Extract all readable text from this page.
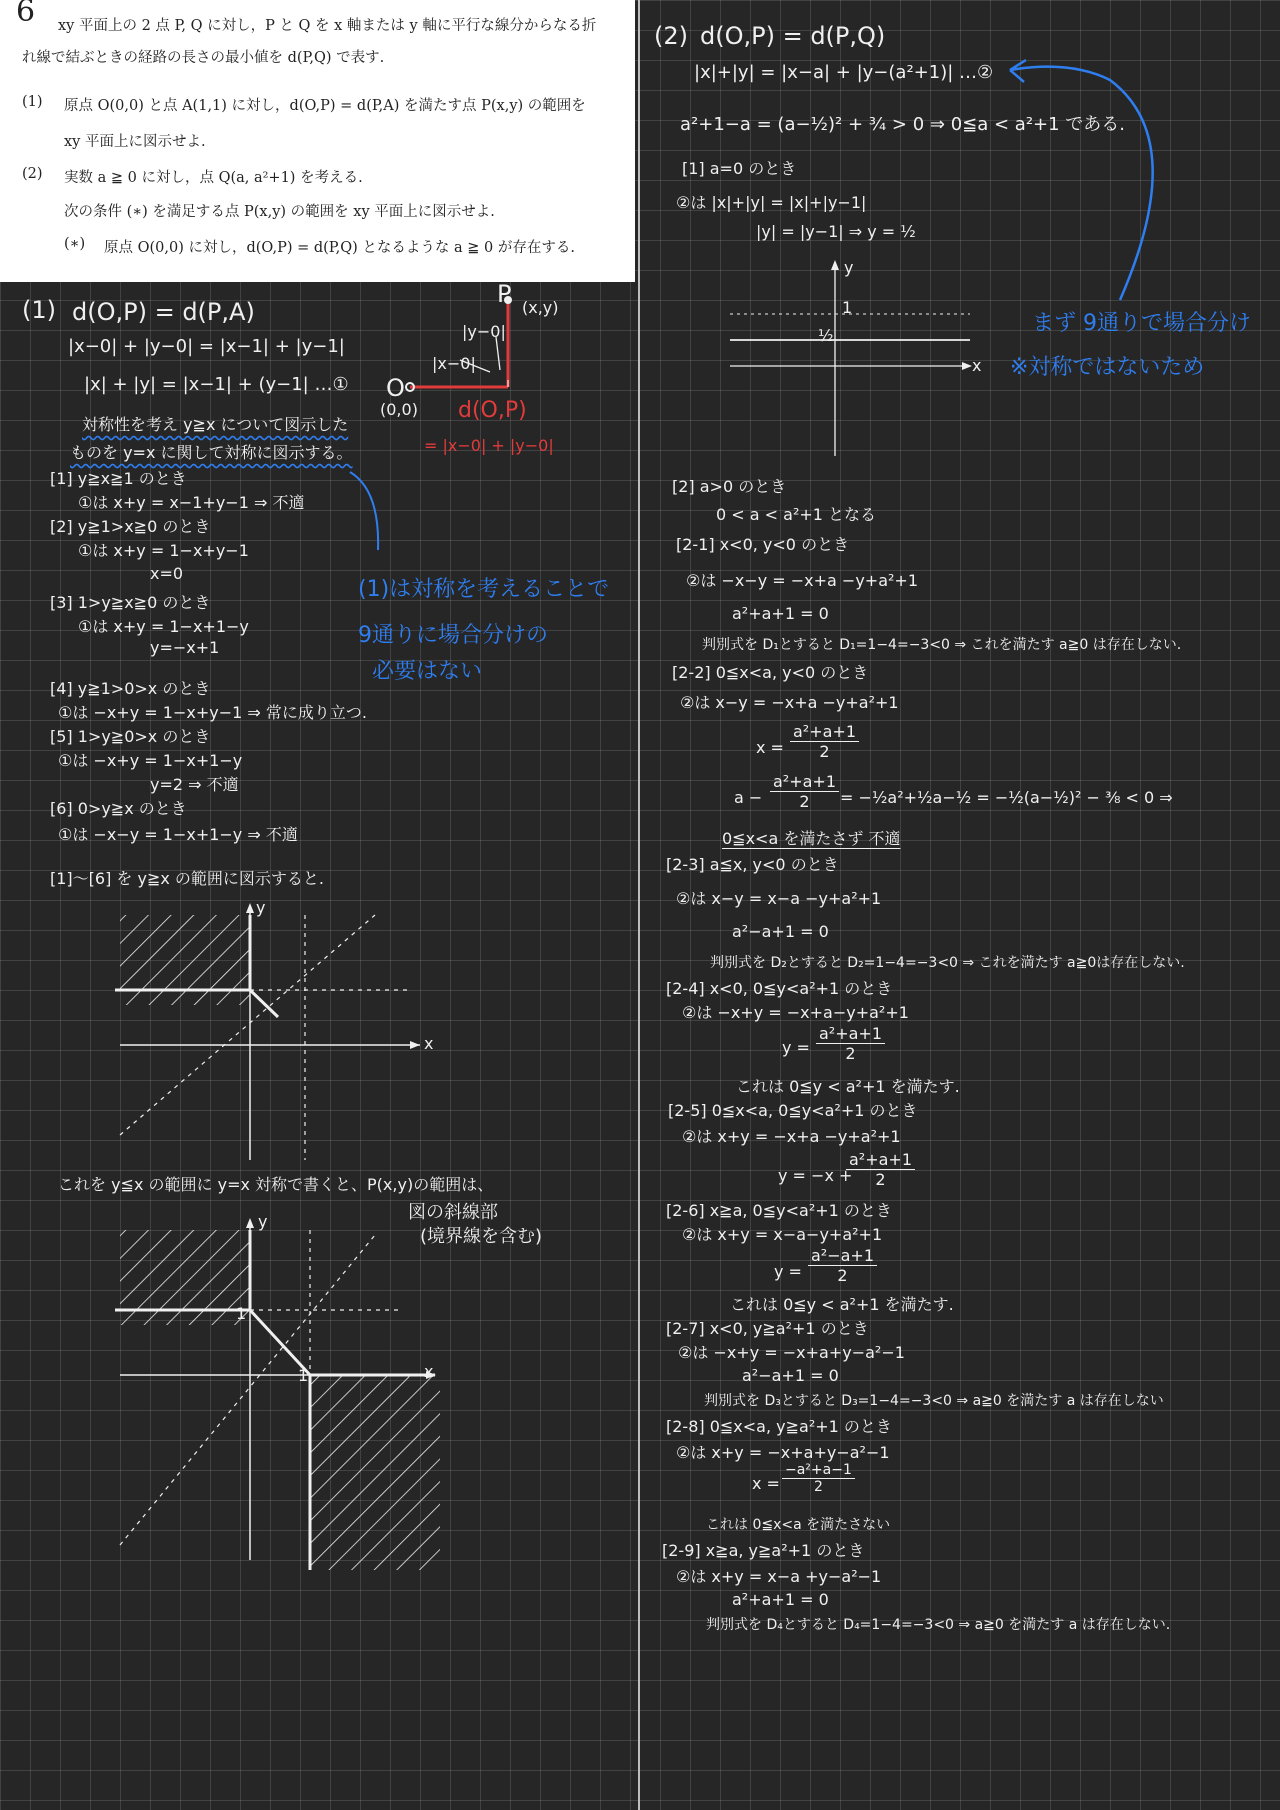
6 xy 平面上の 2 点 P, Q に対し，P と Q を x 軸または y 軸に平行な線分からなる折
れ線で結ぶときの経路の長さの最小値を d(P,Q) で表す.
(1) 原点 O(0,0) と点 A(1,1) に対し，d(O,P) = d(P,A) を満たす点 P(x,y) の範囲を
xy 平面上に図示せよ.
(2) 実数 a ≧ 0 に対し，点 Q(a, a²+1) を考える.
次の条件 (∗) を満足する点 P(x,y) の範囲を xy 平面上に図示せよ.
(∗) 原点 O(0,0) に対し，d(O,P) = d(P,Q) となるような a ≧ 0 が存在する.
(1) d(O,P) = d(P,A)
|x−0| + |y−0| = |x−1| + |y−1|
|x| + |y| = |x−1| + (y−1| …①
対称性を考え y≧x について図示した
ものを y=x に関して対称に図示する。
P (x,y)
|y−0|
|x−0|
O
(0,0) d(O,P)
= |x−0| + |y−0|
[1] y≧x≧1 のとき
①は x+y = x−1+y−1 ⇒ 不適
[2] y≧1>x≧0 のとき
①は x+y = 1−x+y−1
x=0
[3] 1>y≧x≧0 のとき
①は x+y = 1−x+1−y
y=−x+1
[4] y≧1>0>x のとき
①は −x+y = 1−x+y−1 ⇒ 常に成り立つ.
[5] 1>y≧0>x のとき
①は −x+y = 1−x+1−y
y=2 ⇒ 不適
[6] 0>y≧x のとき
①は −x−y = 1−x+1−y ⇒ 不適
[1]〜[6] を y≧x の範囲に図示すると.
(1)は対称を考えることで
9通りに場合分けの
必要はない
x
y
これを y≦x の範囲に y=x 対称で書くと、P(x,y)の範囲は、
図の斜線部
(境界線を含む)
x
y
1
1
(2) d(O,P) = d(P,Q)
|x|+|y| = |x−a| + |y−(a²+1)| …②
a²+1−a = (a−½)² + ¾ > 0 ⇒ 0≦a < a²+1 である.
まず 9通りで場合分け
※対称ではないため
[1] a=0 のとき
②は |x|+|y| = |x|+|y−1|
|y| = |y−1| ⇒ y = ½
y
x
1
½
[2] a>0 のとき
0 < a < a²+1 となる
[2-1] x<0, y<0 のとき
②は −x−y = −x+a −y+a²+1
a²+a+1 = 0
判別式を D₁とすると D₁=1−4=−3<0 ⇒ これを満たす a≧0 は存在しない.
[2-2] 0≦x<a, y<0 のとき
②は x−y = −x+a −y+a²+1
$x = \frac{\text{a²+a+1}}{2}$
$a - \frac{\text{a²+a+1}}{2}$ = −½a²+½a−½ = −½(a−½)² − ⅜ < 0 ⇒
0≦x<a を満たさず 不適
[2-3] a≦x, y<0 のとき
②は x−y = x−a −y+a²+1
a²−a+1 = 0
判別式を D₂とすると D₂=1−4=−3<0 ⇒ これを満たす a≧0は存在しない.
[2-4] x<0, 0≦y<a²+1 のとき
②は −x+y = −x+a−y+a²+1
$y = \frac{\text{a²+a+1}}{2}$
これは 0≦y < a²+1 を満たす.
[2-5] 0≦x<a, 0≦y<a²+1 のとき
②は x+y = −x+a −y+a²+1
y = −x +
$\frac{\text{a²+a+1}}{2}$
[2-6] x≧a, 0≦y<a²+1 のとき
②は x+y = x−a−y+a²+1
$y = \frac{\text{a²−a+1}}{2}$
これは 0≦y < a²+1 を満たす.
[2-7] x<0, y≧a²+1 のとき
②は −x+y = −x+a+y−a²−1
a²−a+1 = 0
判別式を D₃とすると D₃=1−4=−3<0 ⇒ a≧0 を満たす a は存在しない
[2-8] 0≦x<a, y≧a²+1 のとき
②は x+y = −x+a+y−a²−1
$x = \frac{\text{−a²+a−1}}{2}$
これは 0≦x<a を満たさない
[2-9] x≧a, y≧a²+1 のとき
②は x+y = x−a +y−a²−1
a²+a+1 = 0
判別式を D₄とすると D₄=1−4=−3<0 ⇒ a≧0 を満たす a は存在しない.
